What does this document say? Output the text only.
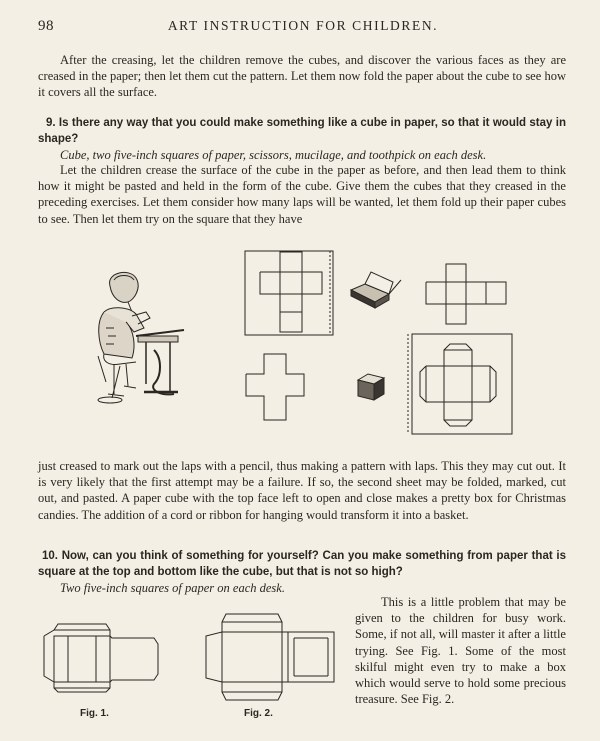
98	ART INSTRUCTION FOR CHILDREN.
After the creasing, let the children remove the cubes, and discover the various faces as they are creased in the paper; then let them cut the pattern. Let them now fold the paper about the cube to see how it covers all the surface.
9. Is there any way that you could make something like a cube in paper, so that it would stay in shape?
Cube, two five-inch squares of paper, scissors, mucilage, and toothpick on each desk.
Let the children crease the surface of the cube in the paper as before, and then lead them to think how it might be pasted and held in the form of the cube. Give them the cubes that they creased in the preceding exercises. Let them consider how many laps will be wanted, let them fold up their paper cubes to see. Then let them try on the square that they have
just creased to mark out the laps with a pencil, thus making a pattern with laps. This they may cut out. It is very likely that the first attempt may be a failure. If so, the second sheet may be folded, marked, cut out, and pasted. A paper cube with the top face left to open and close makes a pretty box for Christmas candies. The addition of a cord or ribbon for hanging would transform it into a basket.
10. Now, can you think of something for yourself? Can you make something from paper that is square at the top and bottom like the cube, but that is not so high?
Two five-inch squares of paper on each desk.
This is a little problem that may be given to the children for busy work. Some, if not all, will master it after a little trying. See Fig. 1. Some of the most skilful might even try to make a box which would serve to hold some precious treasure. See Fig. 2.
Fig. 1.	Fig. 2.
